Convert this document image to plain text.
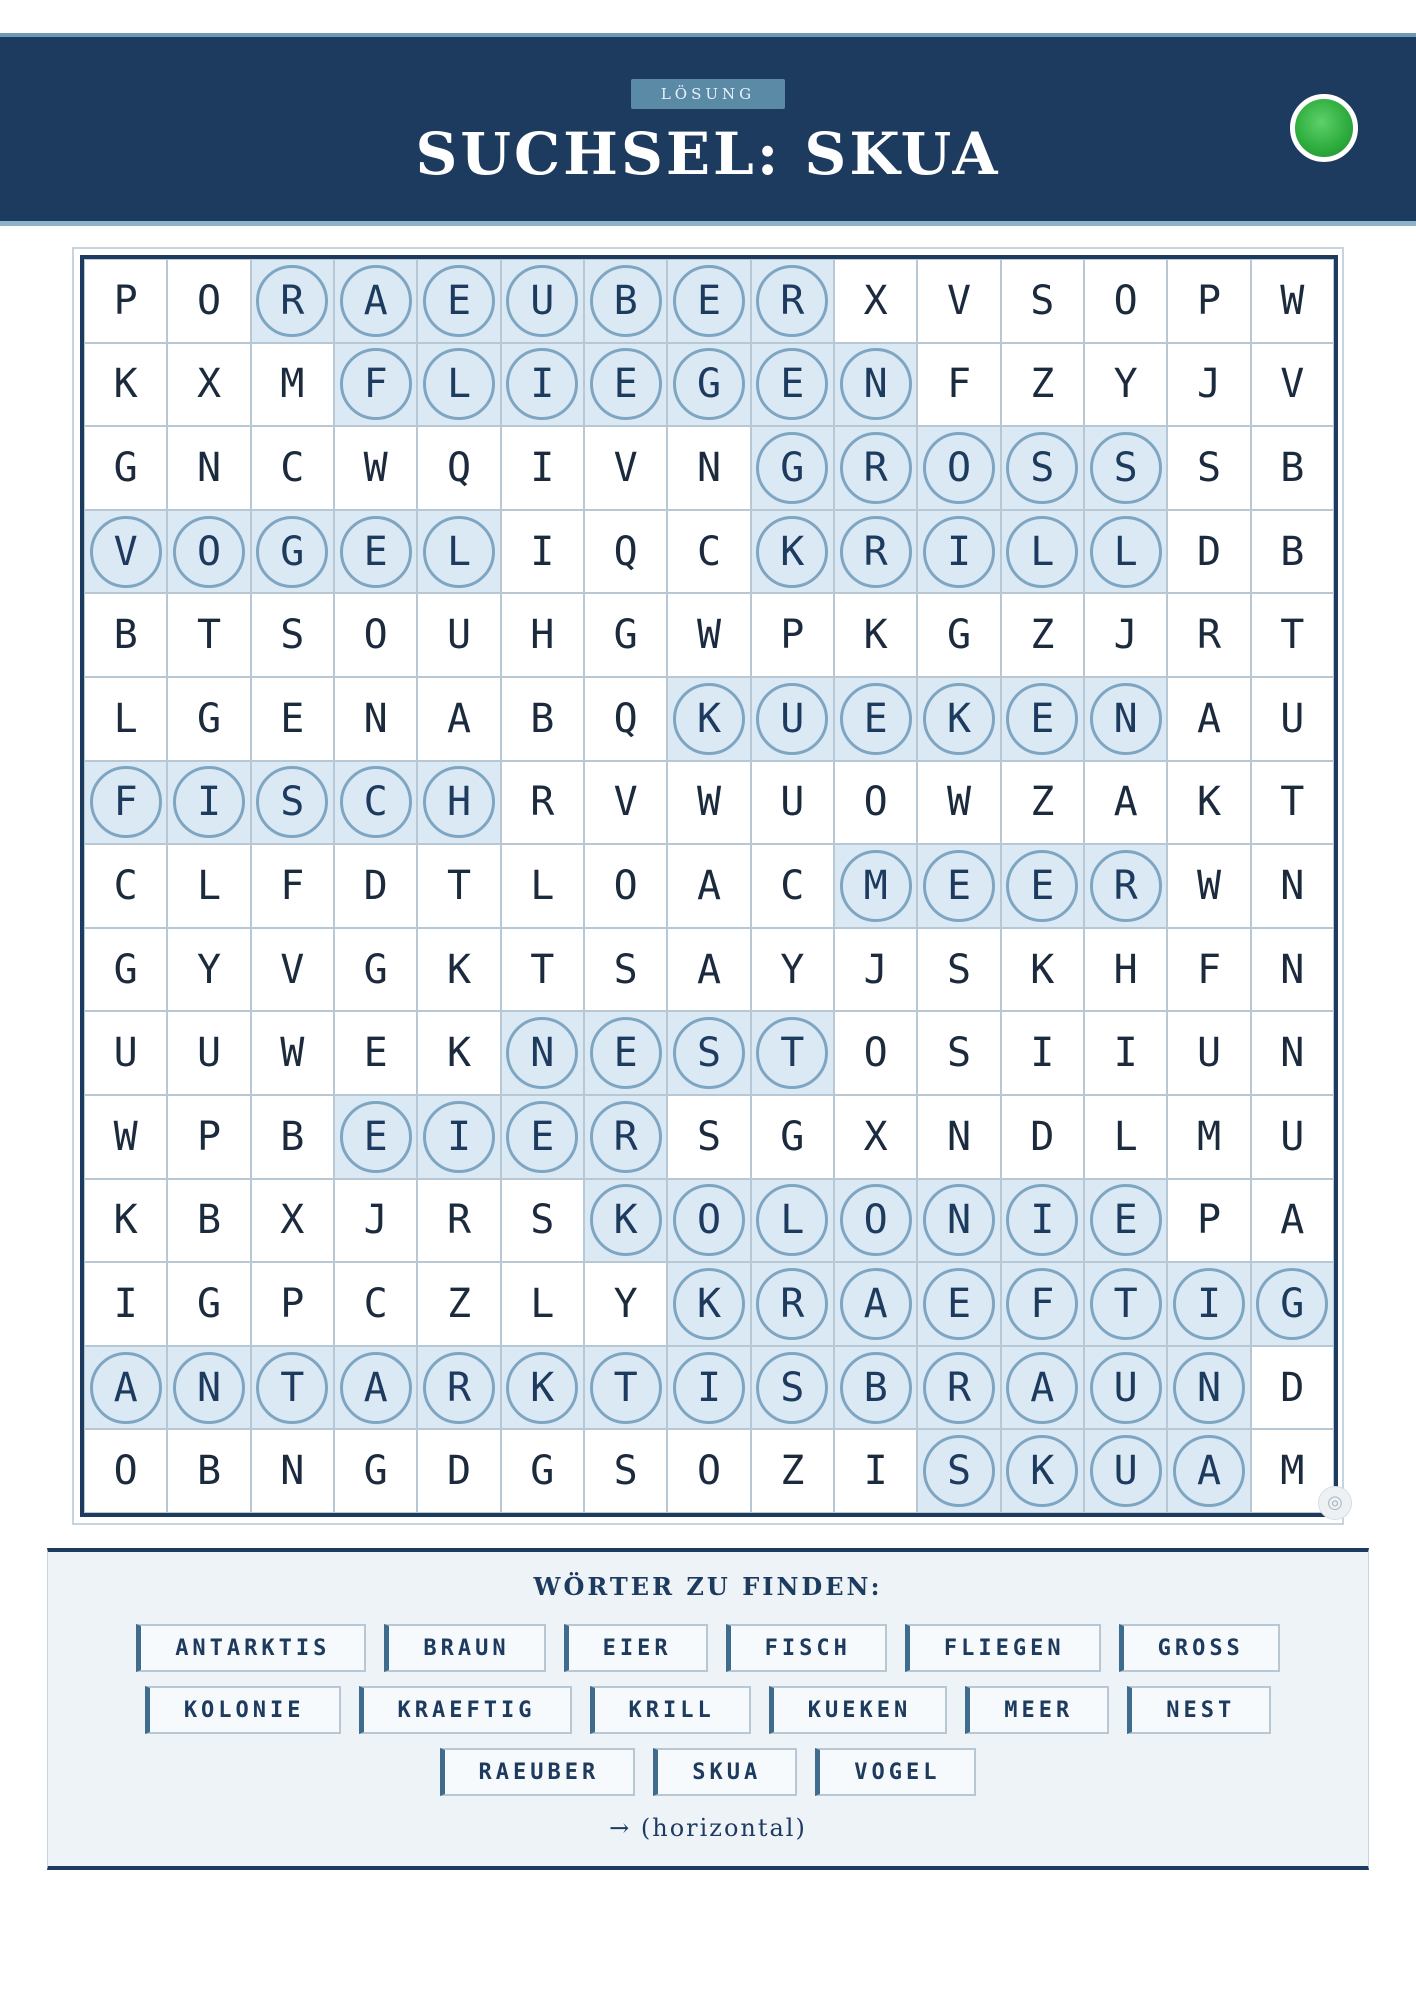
LÖSUNG
SUCHSEL: SKUA
P O R A E U B E R X V S O P W
K X M F L I E G E N F Z Y J V
G N C W Q I V N G R O S S S B
V O G E L I Q C K R I L L D B
B T S O U H G W P K G Z J R T
L G E N A B Q K U E K E N A U
F I S C H R V W U O W Z A K T
C L F D T L O A C M E E R W N
G Y V G K T S A Y J S K H F N
U U W E K N E S T O S I I U N
W P B E I E R S G X N D L M U
K B X J R S K O L O N I E P A
I G P C Z L Y K R A E F T I G
A N T A R K T I S B R A U N D
O B N G D G S O Z I S K U A M
◎
WÖRTER ZU FINDEN:
ANTARKTIS	BRAUN	EIER	FISCH	FLIEGEN	GROSS
KOLONIE	KRAEFTIG	KRILL	KUEKEN	MEER	NEST
RAEUBER	SKUA	VOGEL
→ (horizontal)
